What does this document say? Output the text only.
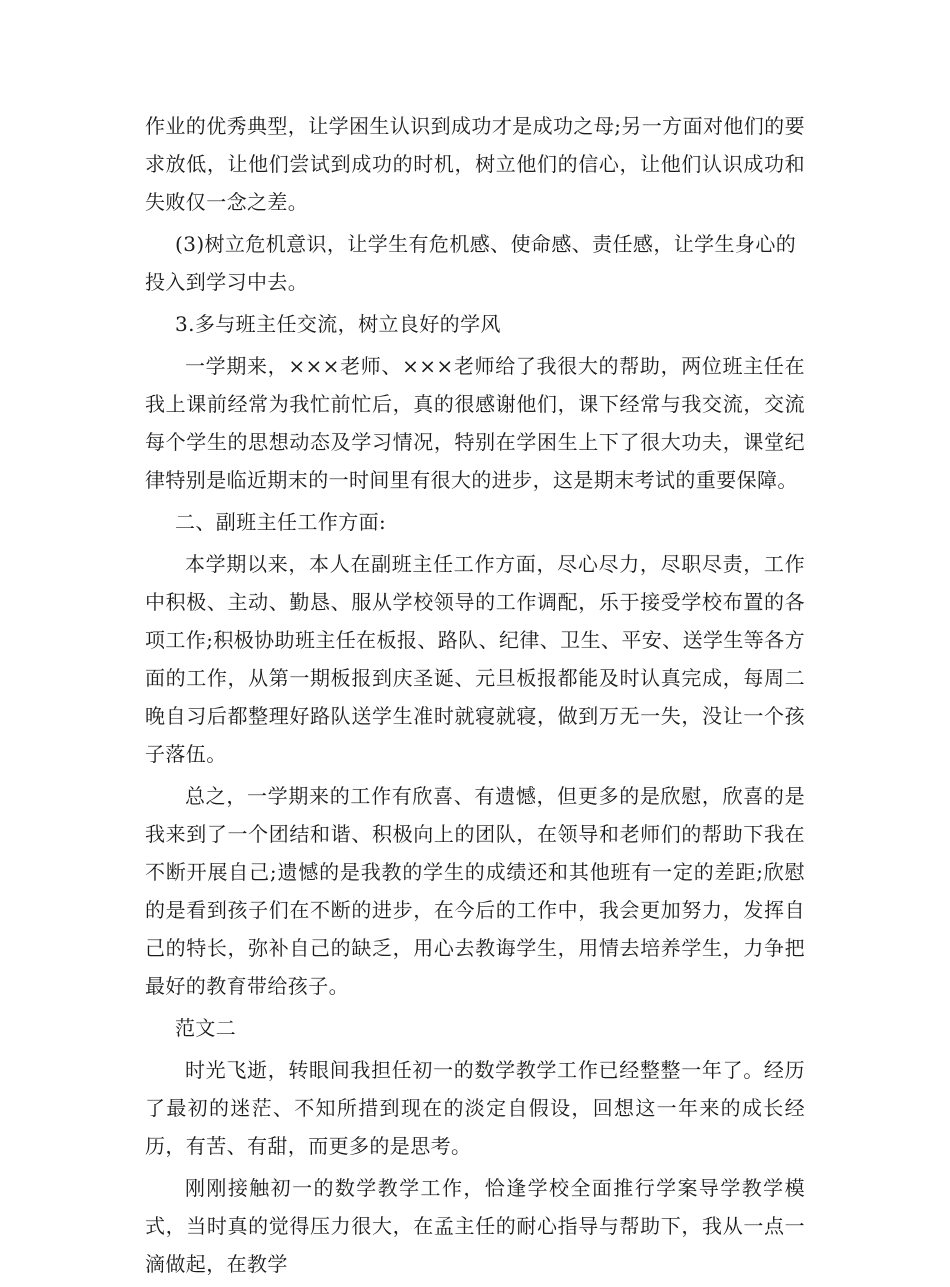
作业的优秀典型，让学困生认识到成功才是成功之母;另一方面对他们的要求放低，让他们尝试到成功的时机，树立他们的信心，让他们认识成功和失败仅一念之差。

(3)树立危机意识，让学生有危机感、使命感、责任感，让学生身心的投入到学习中去。

3.多与班主任交流，树立良好的学风

一学期来，×××老师、×××老师给了我很大的帮助，两位班主任在我上课前经常为我忙前忙后，真的很感谢他们，课下经常与我交流，交流每个学生的思想动态及学习情况，特别在学困生上下了很大功夫，课堂纪律特别是临近期末的一时间里有很大的进步，这是期末考试的重要保障。

二、副班主任工作方面:

本学期以来，本人在副班主任工作方面，尽心尽力，尽职尽责，工作中积极、主动、勤恳、服从学校领导的工作调配，乐于接受学校布置的各项工作;积极协助班主任在板报、路队、纪律、卫生、平安、送学生等各方面的工作，从第一期板报到庆圣诞、元旦板报都能及时认真完成，每周二晚自习后都整理好路队送学生准时就寝就寝，做到万无一失，没让一个孩子落伍。

总之，一学期来的工作有欣喜、有遗憾，但更多的是欣慰，欣喜的是我来到了一个团结和谐、积极向上的团队，在领导和老师们的帮助下我在不断开展自己;遗憾的是我教的学生的成绩还和其他班有一定的差距;欣慰的是看到孩子们在不断的进步，在今后的工作中，我会更加努力，发挥自己的特长，弥补自己的缺乏，用心去教诲学生，用情去培养学生，力争把最好的教育带给孩子。

范文二

时光飞逝，转眼间我担任初一的数学教学工作已经整整一年了。经历了最初的迷茫、不知所措到现在的淡定自假设，回想这一年来的成长经历，有苦、有甜，而更多的是思考。

刚刚接触初一的数学教学工作，恰逢学校全面推行学案导学教学模式，当时真的觉得压力很大，在孟主任的耐心指导与帮助下，我从一点一滴做起，在教学
